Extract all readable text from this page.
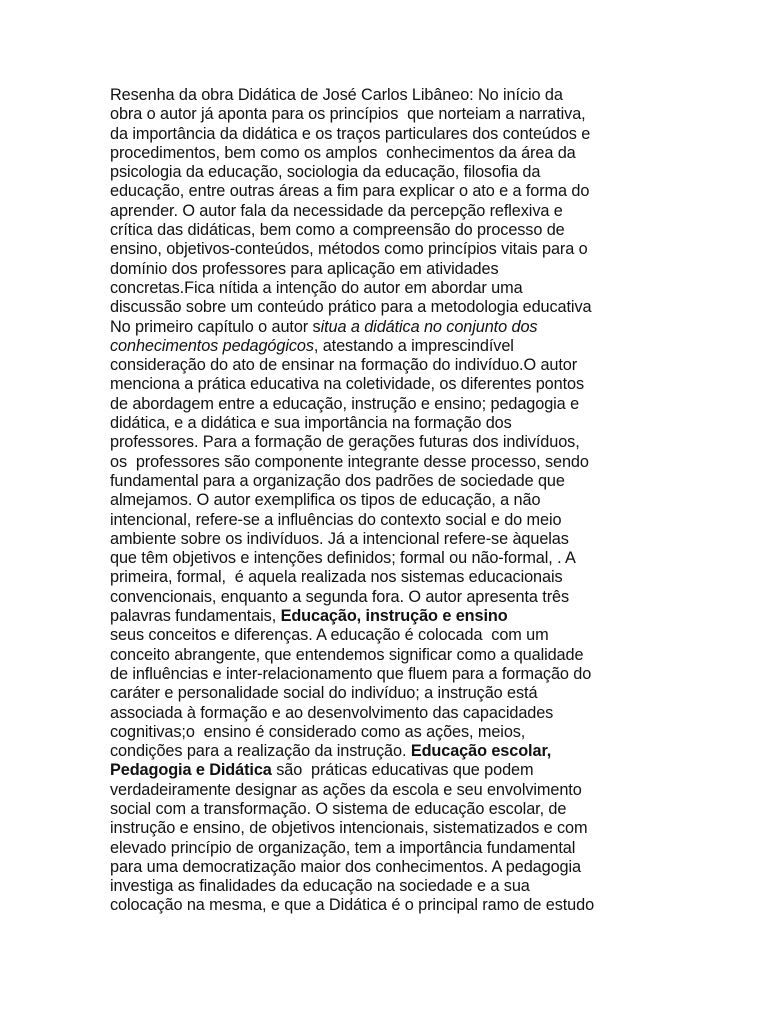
Resenha da obra Didática de José Carlos Libâneo: No início da
obra o autor já aponta para os princípios  que norteiam a narrativa,
da importância da didática e os traços particulares dos conteúdos e
procedimentos, bem como os amplos  conhecimentos da área da
psicologia da educação, sociologia da educação, filosofia da
educação, entre outras áreas a fim para explicar o ato e a forma do
aprender. O autor fala da necessidade da percepção reflexiva e
crítica das didáticas, bem como a compreensão do processo de
ensino, objetivos-conteúdos, métodos como princípios vitais para o
domínio dos professores para aplicação em atividades
concretas.Fica nítida a intenção do autor em abordar uma
discussão sobre um conteúdo prático para a metodologia educativa
No primeiro capítulo o autor situa a didática no conjunto dos
conhecimentos pedagógicos, atestando a imprescindível
consideração do ato de ensinar na formação do indivíduo.O autor
menciona a prática educativa na coletividade, os diferentes pontos
de abordagem entre a educação, instrução e ensino; pedagogia e
didática, e a didática e sua importância na formação dos
professores. Para a formação de gerações futuras dos indivíduos,
os  professores são componente integrante desse processo, sendo
fundamental para a organização dos padrões de sociedade que
almejamos. O autor exemplifica os tipos de educação, a não
intencional, refere-se a influências do contexto social e do meio
ambiente sobre os indivíduos. Já a intencional refere-se àquelas
que têm objetivos e intenções definidos; formal ou não-formal, . A
primeira, formal,  é aquela realizada nos sistemas educacionais
convencionais, enquanto a segunda fora. O autor apresenta três
palavras fundamentais, Educação, instrução e ensino
seus conceitos e diferenças. A educação é colocada  com um
conceito abrangente, que entendemos significar como a qualidade
de influências e inter-relacionamento que fluem para a formação do
caráter e personalidade social do indivíduo; a instrução está
associada à formação e ao desenvolvimento das capacidades
cognitivas;o  ensino é considerado como as ações, meios,
condições para a realização da instrução. Educação escolar,
Pedagogia e Didática são  práticas educativas que podem
verdadeiramente designar as ações da escola e seu envolvimento
social com a transformação. O sistema de educação escolar, de
instrução e ensino, de objetivos intencionais, sistematizados e com
elevado princípio de organização, tem a importância fundamental
para uma democratização maior dos conhecimentos. A pedagogia
investiga as finalidades da educação na sociedade e a sua
colocação na mesma, e que a Didática é o principal ramo de estudo
